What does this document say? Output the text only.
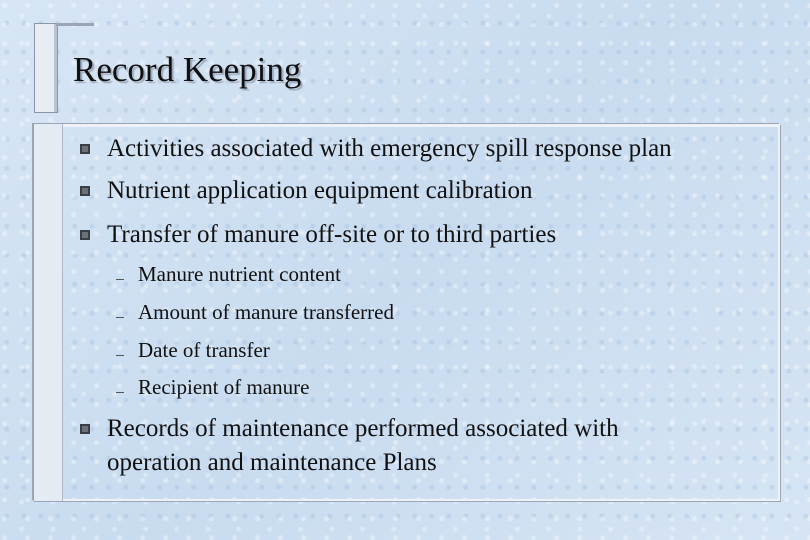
Record Keeping
Activities associated with emergency spill response plan
Nutrient application equipment calibration
Transfer of manure off-site or to third parties
Manure nutrient content
Amount of manure transferred
Date of transfer
Recipient of manure
Records of maintenance performed associated with
operation and maintenance Plans
